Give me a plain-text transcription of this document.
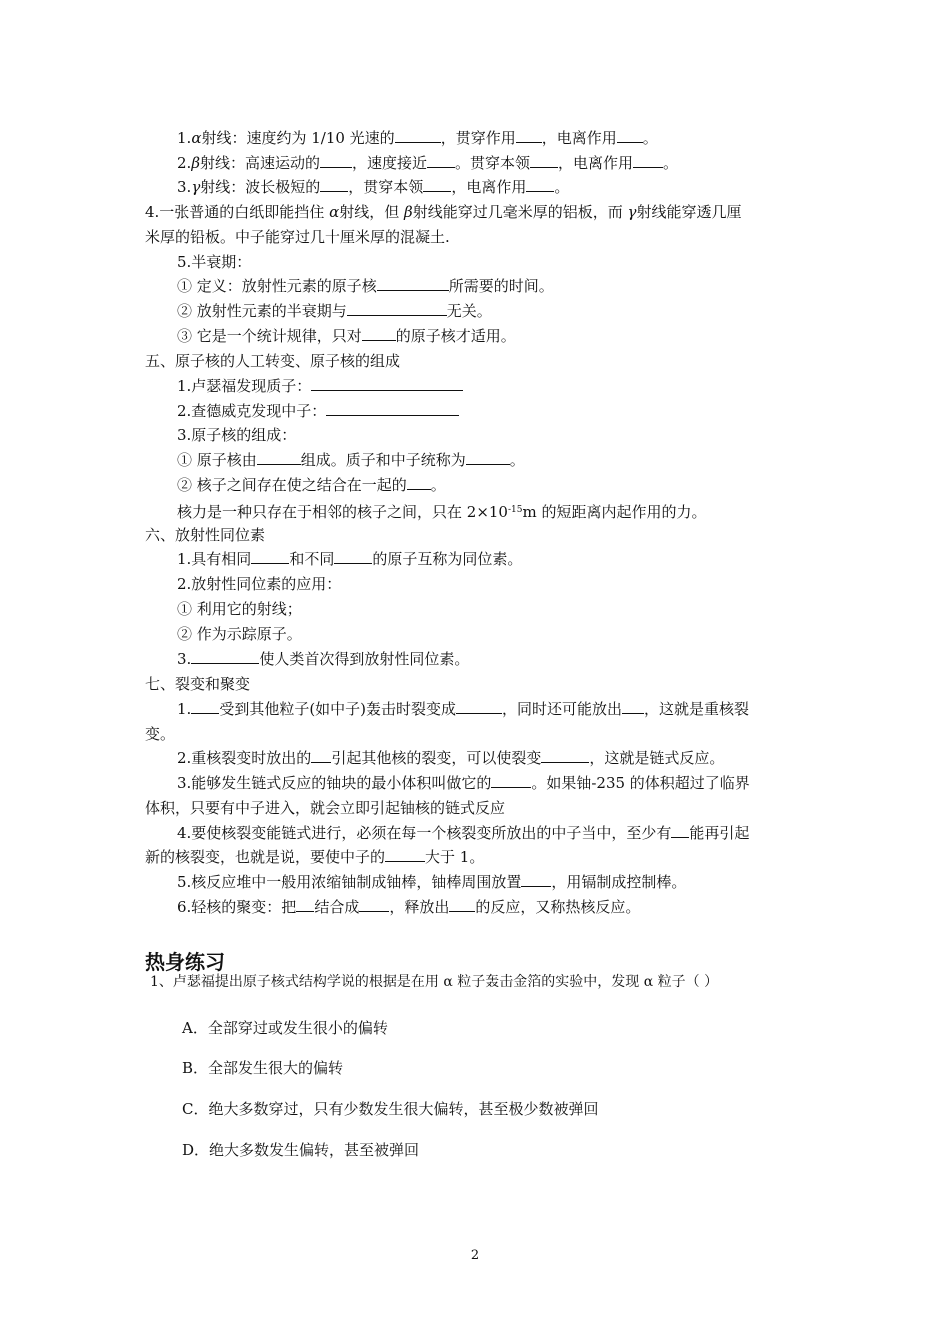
1.α射线：速度约为 1/10 光速的	，贯穿作用 ，电离作用 。
2.β射线：高速运动的 ，速度接近 。贯穿本领 ，电离作用 。
3.γ射线：波长极短的 ，贯穿本领 ，电离作用 。
4.一张普通的白纸即能挡住 α射线，但 β射线能穿过几毫米厚的铝板，而 γ射线能穿透几厘
米厚的铅板。中子能穿过几十厘米厚的混凝土.
5.半衰期：
① 定义：放射性元素的原子核	所需要的时间。
② 放射性元素的半衰期与	无关。
③ 它是一个统计规律，只对 的原子核才适用。
五、原子核的人工转变、原子核的组成
1.卢瑟福发现质子：
2.查德威克发现中子：
3.原子核的组成：
① 原子核由	组成。质子和中子统称为	。
② 核子之间存在使之结合在一起的 。
核力是一种只存在于相邻的核子之间，只在 $2\times 10^{-15}m$ 的短距离内起作用的力。
六、放射性同位素
1.具有相同	和不同	的原子互称为同位素。
2.放射性同位素的应用：
① 利用它的射线；
② 作为示踪原子。
3.	使人类首次得到放射性同位素。
七、裂变和聚变
1. 受到其他粒子(如中子)轰击时裂变成	，同时还可能放出 ，这就是重核裂
变。
2.重核裂变时放出的 引起其他核的裂变，可以使裂变	，这就是链式反应。
3.能够发生链式反应的铀块的最小体积叫做它的	。如果铀-235 的体积超过了临界
体积，只要有中子进入，就会立即引起铀核的链式反应
4.要使核裂变能链式进行，必须在每一个核裂变所放出的中子当中，至少有 能再引起
新的核裂变，也就是说，要使中子的	大于 1。
5.核反应堆中一般用浓缩铀制成铀棒，铀棒周围放置 ，用镉制成控制棒。
6.轻核的聚变：把 结合成 ，释放出 的反应，又称热核反应。
热身练习
1、卢瑟福提出原子核式结构学说的根据是在用 α 粒子轰击金箔的实验中，发现 α 粒子（ ）
A．全部穿过或发生很小的偏转
B．全部发生很大的偏转
C．绝大多数穿过，只有少数发生很大偏转，甚至极少数被弹回
D．绝大多数发生偏转，甚至被弹回
2
